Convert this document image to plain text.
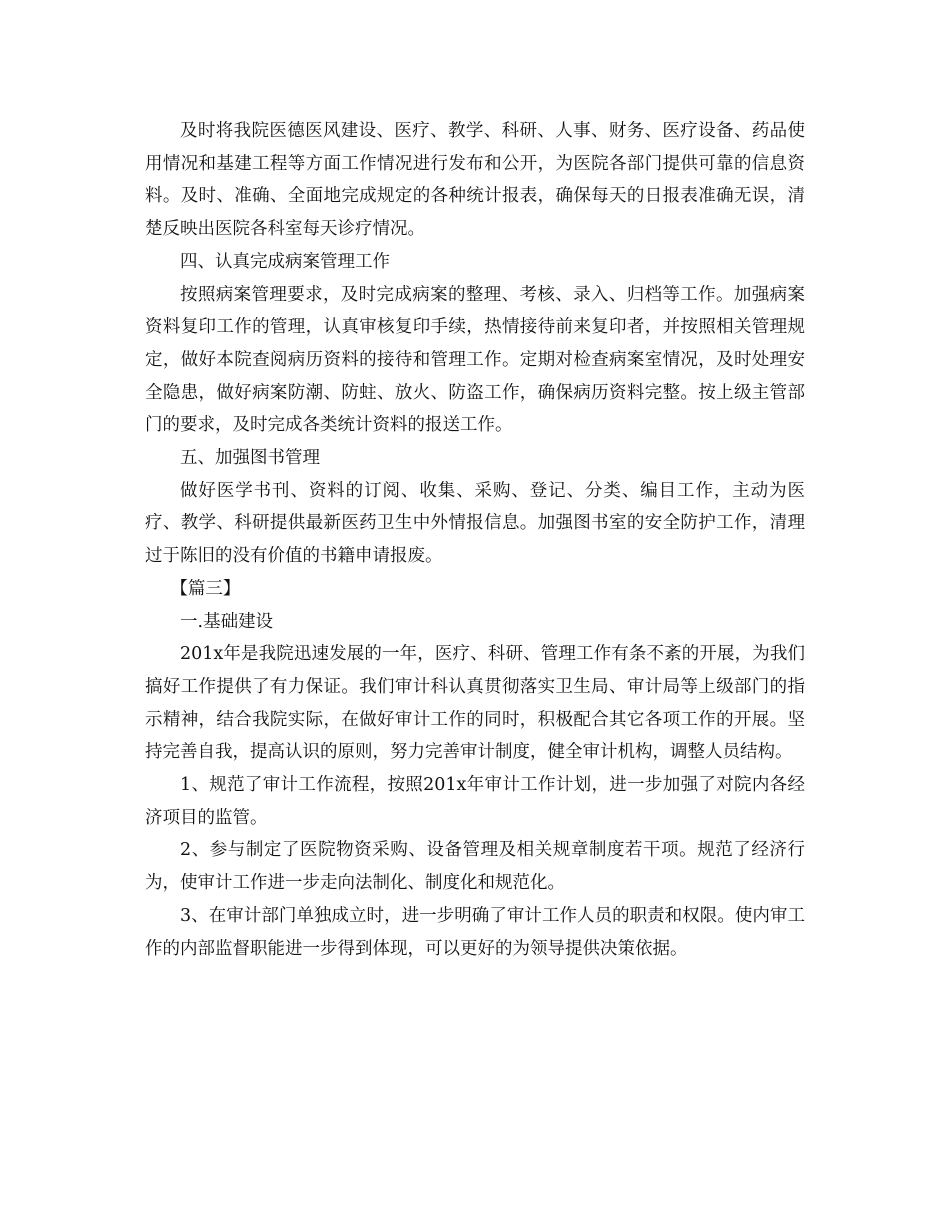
及时将我院医德医风建设、医疗、教学、科研、人事、财务、医疗设备、药品使用情况和基建工程等方面工作情况进行发布和公开，为医院各部门提供可靠的信息资料。及时、准确、全面地完成规定的各种统计报表，确保每天的日报表准确无误，清楚反映出医院各科室每天诊疗情况。

四、认真完成病案管理工作

按照病案管理要求，及时完成病案的整理、考核、录入、归档等工作。加强病案资料复印工作的管理，认真审核复印手续，热情接待前来复印者，并按照相关管理规定，做好本院查阅病历资料的接待和管理工作。定期对检查病案室情况，及时处理安全隐患，做好病案防潮、防蛀、放火、防盗工作，确保病历资料完整。按上级主管部门的要求，及时完成各类统计资料的报送工作。

五、加强图书管理

做好医学书刊、资料的订阅、收集、采购、登记、分类、编目工作，主动为医疗、教学、科研提供最新医药卫生中外情报信息。加强图书室的安全防护工作，清理过于陈旧的没有价值的书籍申请报废。

【篇三】

一.基础建设

201x年是我院迅速发展的一年，医疗、科研、管理工作有条不紊的开展，为我们搞好工作提供了有力保证。我们审计科认真贯彻落实卫生局、审计局等上级部门的指示精神，结合我院实际，在做好审计工作的同时，积极配合其它各项工作的开展。坚持完善自我，提高认识的原则，努力完善审计制度，健全审计机构，调整人员结构。

1、规范了审计工作流程，按照201x年审计工作计划，进一步加强了对院内各经济项目的监管。

2、参与制定了医院物资采购、设备管理及相关规章制度若干项。规范了经济行为，使审计工作进一步走向法制化、制度化和规范化。

3、在审计部门单独成立时，进一步明确了审计工作人员的职责和权限。使内审工作的内部监督职能进一步得到体现，可以更好的为领导提供决策依据。
